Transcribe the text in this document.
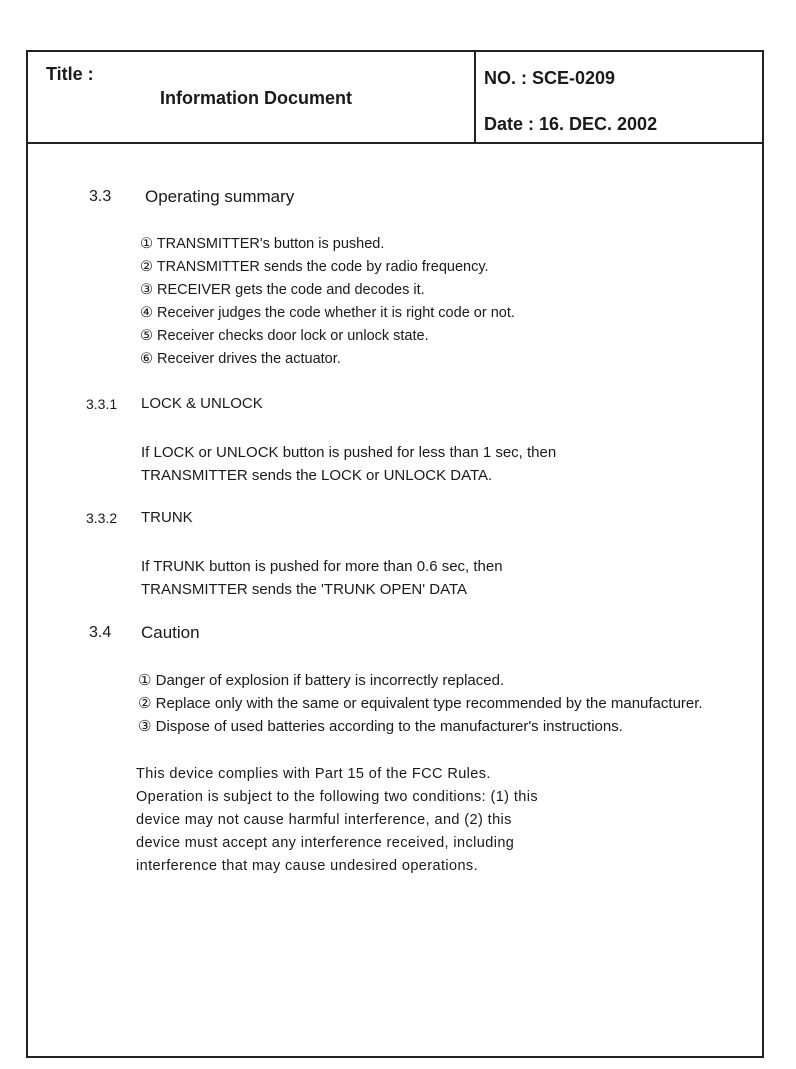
Title :
Information Document
NO. : SCE-0209
Date : 16. DEC. 2002
3.3 Operating summary
① TRANSMITTER's button is pushed.
② TRANSMITTER sends the code by radio frequency.
③ RECEIVER gets the code and decodes it.
④ Receiver judges the code whether it is right code or not.
⑤ Receiver checks door lock or unlock state.
⑥ Receiver drives the actuator.
3.3.1 LOCK & UNLOCK
If LOCK or UNLOCK button is pushed for less than 1 sec, then
TRANSMITTER sends the LOCK or UNLOCK DATA.
3.3.2 TRUNK
If TRUNK button is pushed for more than 0.6 sec, then
TRANSMITTER sends the 'TRUNK OPEN' DATA
3.4 Caution
① Danger of explosion if battery is incorrectly replaced.
② Replace only with the same or equivalent type recommended by the manufacturer.
③ Dispose of used batteries according to the manufacturer's instructions.

This device complies with Part 15 of the FCC Rules.

Operation is subject to the following two conditions: (1) this

device may not cause harmful interference, and (2) this

device must accept any interference received, including

interference that may cause undesired operations.
